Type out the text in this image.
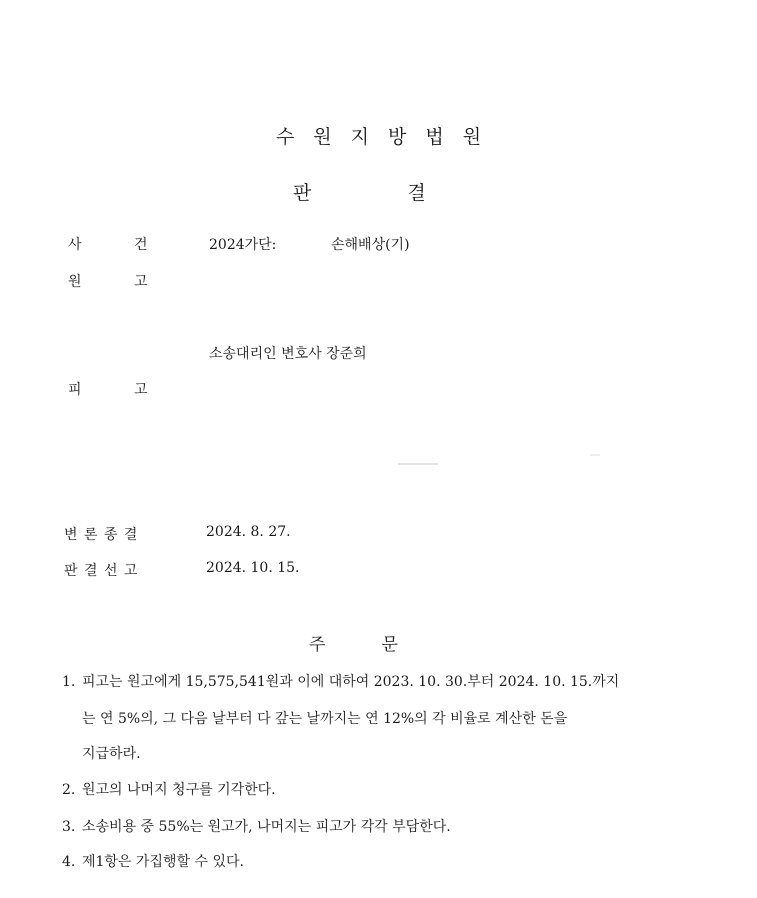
수원지방법원
판	결
사	건	2024가단:	손해배상(기)
원	고
소송대리인 변호사 장준희
피	고
변 론 종 결	2024. 8. 27.
판 결 선 고	2024. 10. 15.
주	문
1. 피고는 원고에게 15,575,541원과 이에 대하여 2023. 10. 30.부터 2024. 10. 15.까지
는 연 5%의, 그 다음 날부터 다 갚는 날까지는 연 12%의 각 비율로 계산한 돈을
지급하라.
2. 원고의 나머지 청구를 기각한다.
3. 소송비용 중 55%는 원고가, 나머지는 피고가 각각 부담한다.
4. 제1항은 가집행할 수 있다.
